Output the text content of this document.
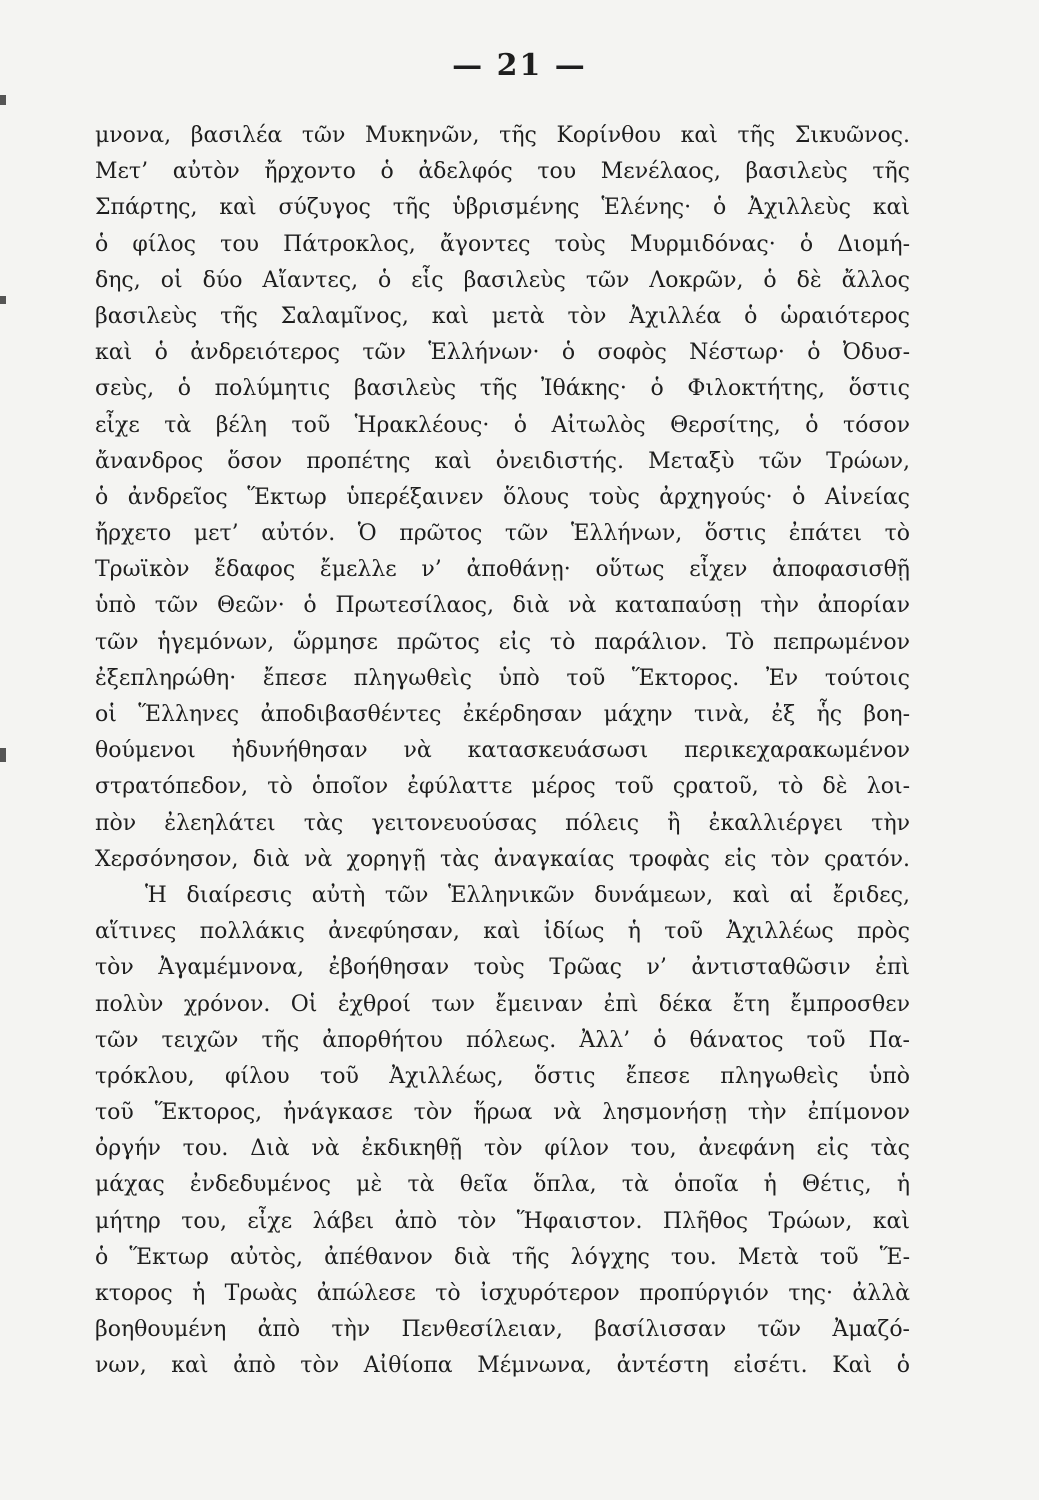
— 21 —
μνονα, βασιλέα τῶν Μυκηνῶν, τῆς Κορίνθου καὶ τῆς Σικυῶνος.
Μετ’ αὐτὸν ἤρχοντο ὁ ἀδελφός του Μενέλαος, βασιλεὺς τῆς
Σπάρτης, καὶ σύζυγος τῆς ὑβρισμένης Ἑλένης· ὁ Ἀχιλλεὺς καὶ
ὁ φίλος του Πάτροκλος, ἄγοντες τοὺς Μυρμιδόνας· ὁ Διομή-
δης, οἱ δύο Αἴαντες, ὁ εἷς βασιλεὺς τῶν Λοκρῶν, ὁ δὲ ἄλλος
βασιλεὺς τῆς Σαλαμῖνος, καὶ μετὰ τὸν Ἀχιλλέα ὁ ὡραιότερος
καὶ ὁ ἀνδρειότερος τῶν Ἑλλήνων· ὁ σοφὸς Νέστωρ· ὁ Ὀδυσ-
σεὺς, ὁ πολύμητις βασιλεὺς τῆς Ἰθάκης· ὁ Φιλοκτήτης, ὅστις
εἶχε τὰ βέλη τοῦ Ἡρακλέους· ὁ Αἰτωλὸς Θερσίτης, ὁ τόσον
ἄνανδρος ὅσον προπέτης καὶ ὀνειδιστής. Μεταξὺ τῶν Τρώων,
ὁ ἀνδρεῖος Ἕκτωρ ὑπερέξαινεν ὅλους τοὺς ἀρχηγούς· ὁ Αἰνείας
ἤρχετο μετ’ αὐτόν. Ὁ πρῶτος τῶν Ἑλλήνων, ὅστις ἐπάτει τὸ
Τρωϊκὸν ἔδαφος ἔμελλε ν’ ἀποθάνῃ· οὕτως εἶχεν ἀποφασισθῇ
ὑπὸ τῶν Θεῶν· ὁ Πρωτεσίλαος, διὰ νὰ καταπαύσῃ τὴν ἀπορίαν
τῶν ἡγεμόνων, ὥρμησε πρῶτος εἰς τὸ παράλιον. Τὸ πεπρωμένον
ἐξεπληρώθη· ἔπεσε πληγωθεὶς ὑπὸ τοῦ Ἕκτορος. Ἐν τούτοις
οἱ Ἕλληνες ἀποδιβασθέντες ἐκέρδησαν μάχην τινὰ, ἐξ ἧς βοη-
θούμενοι ἠδυνήθησαν νὰ κατασκευάσωσι περικεχαρακωμένον
στρατόπεδον, τὸ ὁποῖον ἐφύλαττε μέρος τοῦ ςρατοῦ, τὸ δὲ λοι-
πὸν ἐλεηλάτει τὰς γειτονευούσας πόλεις ἢ ἐκαλλιέργει τὴν
Χερσόνησον, διὰ νὰ χορηγῇ τὰς ἀναγκαίας τροφὰς εἰς τὸν ςρατόν.
Ἡ διαίρεσις αὐτὴ τῶν Ἑλληνικῶν δυνάμεων, καὶ αἱ ἔριδες,
αἵτινες πολλάκις ἀνεφύησαν, καὶ ἰδίως ἡ τοῦ Ἀχιλλέως πρὸς
τὸν Ἀγαμέμνονα, ἐβοήθησαν τοὺς Τρῶας ν’ ἀντισταθῶσιν ἐπὶ
πολὺν χρόνον. Οἱ ἐχθροί των ἔμειναν ἐπὶ δέκα ἔτη ἔμπροσθεν
τῶν τειχῶν τῆς ἀπορθήτου πόλεως. Ἀλλ’ ὁ θάνατος τοῦ Πα-
τρόκλου, φίλου τοῦ Ἀχιλλέως, ὅστις ἔπεσε πληγωθεὶς ὑπὸ
τοῦ Ἕκτορος, ἠνάγκασε τὸν ἥρωα νὰ λησμονήσῃ τὴν ἐπίμονον
ὀργήν του. Διὰ νὰ ἐκδικηθῇ τὸν φίλον του, ἀνεφάνη εἰς τὰς
μάχας ἐνδεδυμένος μὲ τὰ θεῖα ὅπλα, τὰ ὁποῖα ἡ Θέτις, ἡ
μήτηρ του, εἶχε λάβει ἀπὸ τὸν Ἥφαιστον. Πλῆθος Τρώων, καὶ
ὁ Ἕκτωρ αὐτὸς, ἀπέθανον διὰ τῆς λόγχης του. Μετὰ τοῦ Ἕ-
κτορος ἡ Τρωὰς ἀπώλεσε τὸ ἰσχυρότερον προπύργιόν της· ἀλλὰ
βοηθουμένη ἀπὸ τὴν Πενθεσίλειαν, βασίλισσαν τῶν Ἀμαζό-
νων, καὶ ἀπὸ τὸν Αἰθίοπα Μέμνωνα, ἀντέστη εἰσέτι. Καὶ ὁ
